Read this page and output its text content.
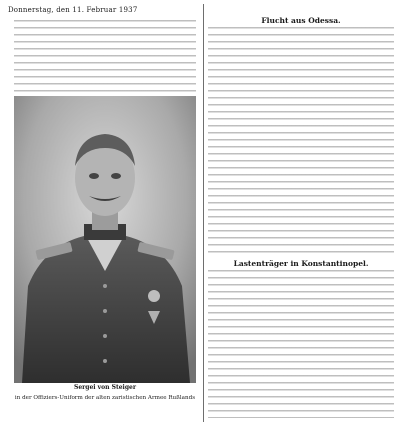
Donnerstag, den 11. Februar 1937
Sergei von Steiger
in der Offiziers-Uniform der alten zaristischen Armee Rußlands
Flucht aus Odessa.
Lastenträger in Konstantinopel.
